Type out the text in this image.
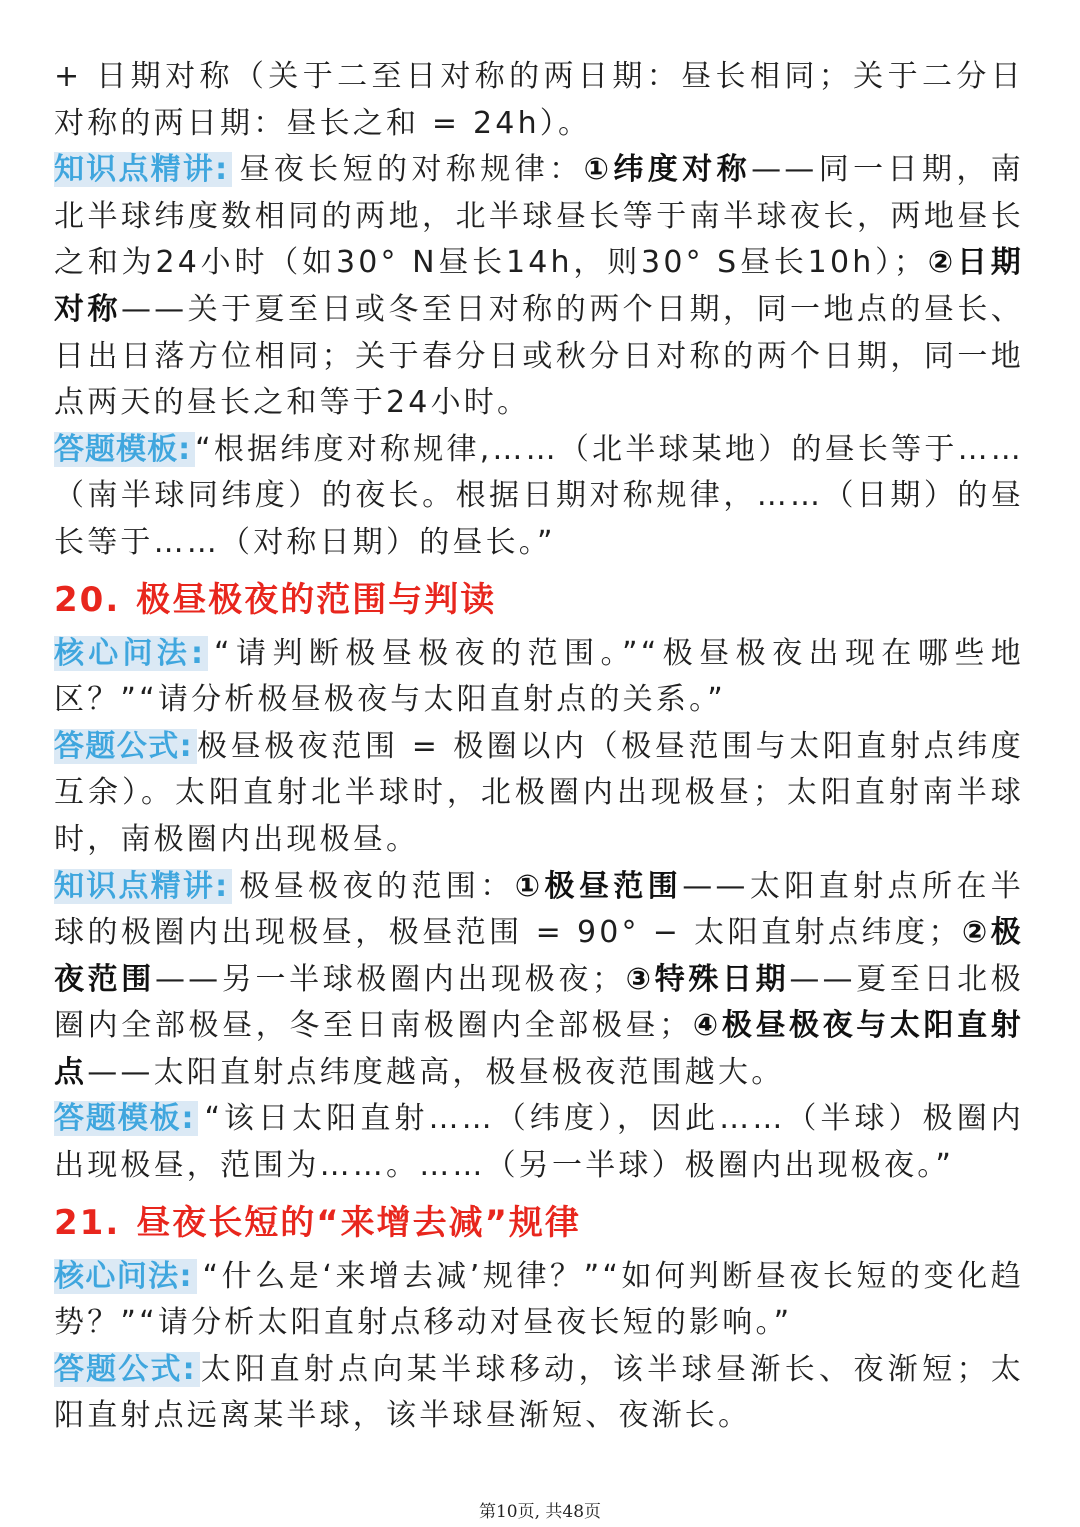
+ 日期对称（关于二至日对称的两日期：昼长相同；关于二分日对称的两日期：昼长之和 = 24h）。

知识点精讲: 昼夜长短的对称规律：①纬度对称——同一日期，南北半球纬度数相同的两地，北半球昼长等于南半球夜长，两地昼长之和为24小时（如30° N昼长14h，则30° S昼长10h）；②日期对称——关于夏至日或冬至日对称的两个日期，同一地点的昼长、日出日落方位相同；关于春分日或秋分日对称的两个日期，同一地点两天的昼长之和等于24小时。

答题模板: “根据纬度对称规律,……（北半球某地）的昼长等于……（南半球同纬度）的夜长。根据日期对称规律，……（日期）的昼长等于……（对称日期）的昼长。”

20. 极昼极夜的范围与判读

核心问法: “请判断极昼极夜的范围。”“极昼极夜出现在哪些地区？”“请分析极昼极夜与太阳直射点的关系。”

答题公式: 极昼极夜范围 = 极圈以内（极昼范围与太阳直射点纬度互余）。太阳直射北半球时，北极圈内出现极昼；太阳直射南半球时，南极圈内出现极昼。

知识点精讲: 极昼极夜的范围：①极昼范围——太阳直射点所在半球的极圈内出现极昼，极昼范围 = 90° − 太阳直射点纬度；②极夜范围——另一半球极圈内出现极夜；③特殊日期——夏至日北极圈内全部极昼，冬至日南极圈内全部极昼；④极昼极夜与太阳直射点——太阳直射点纬度越高，极昼极夜范围越大。

答题模板: “该日太阳直射……（纬度），因此……（半球）极圈内出现极昼，范围为……。……（另一半球）极圈内出现极夜。”

21. 昼夜长短的“来增去减”规律

核心问法: “什么是‘来增去减’规律？”“如何判断昼夜长短的变化趋势？”“请分析太阳直射点移动对昼夜长短的影响。”

答题公式: 太阳直射点向某半球移动，该半球昼渐长、夜渐短；太阳直射点远离某半球，该半球昼渐短、夜渐长。

第10页, 共48页
